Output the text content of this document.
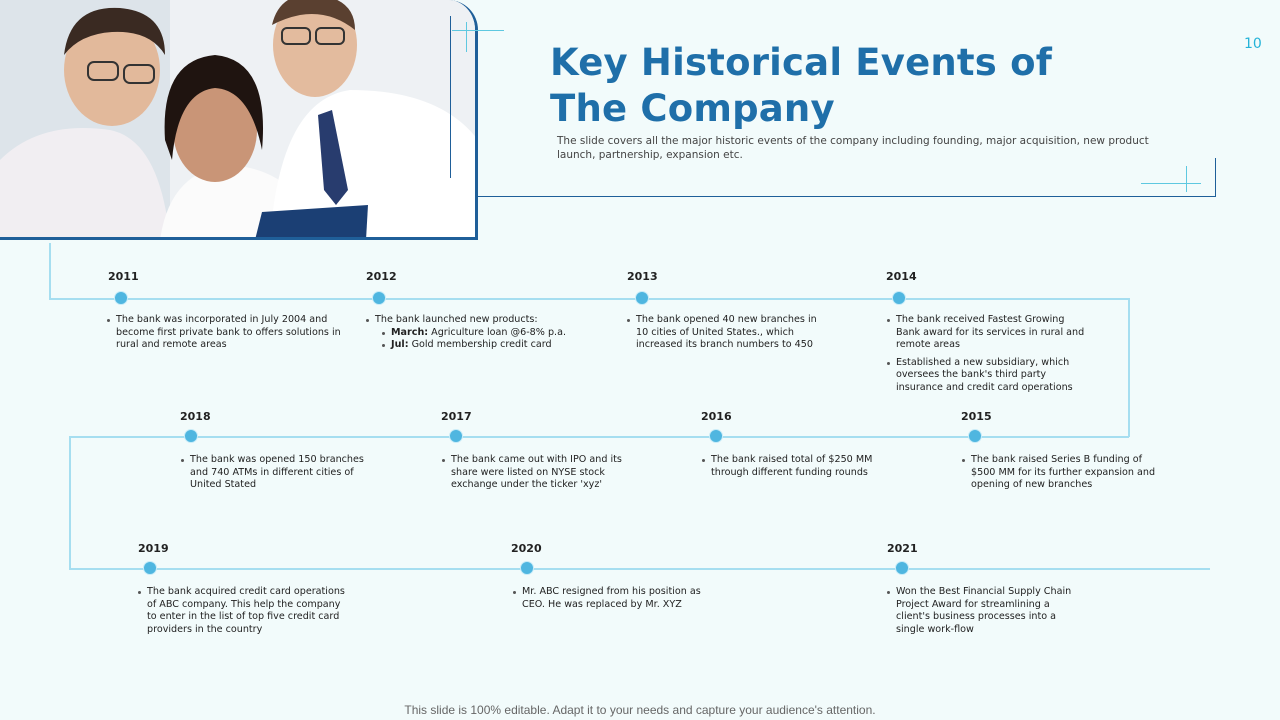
Key Historical Events of
The Company
The slide covers all the major historic events of the company including founding, major acquisition, new product launch, partnership, expansion etc.
10
2011
The bank was incorporated in July 2004 and become first private bank to offers solutions in rural and remote areas
2012
The bank launched new products:
March: Agriculture loan @6-8% p.a.
Jul: Gold membership credit card
2013
The bank opened 40 new branches in 10 cities of United States., which increased its branch numbers to 450
2014
The bank received Fastest Growing Bank award for its services in rural and remote areas
Established a new subsidiary, which oversees the bank's third party insurance and credit card operations
2018
The bank was opened 150 branches and 740 ATMs in different cities of United Stated
2017
The bank came out with IPO and its share were listed on NYSE stock exchange under the ticker 'xyz'
2016
The bank raised total of $250 MM through different funding rounds
2015
The bank raised Series B funding of $500 MM for its further expansion and opening of new branches
2019
The bank acquired credit card operations of ABC company. This help the company to enter in the list of top five credit card providers in the country
2020
Mr. ABC resigned from his position as CEO. He was replaced by Mr. XYZ
2021
Won the Best Financial Supply Chain Project Award for streamlining a client's business processes into a single work-flow
This slide is 100% editable. Adapt it to your needs and capture your audience's attention.
